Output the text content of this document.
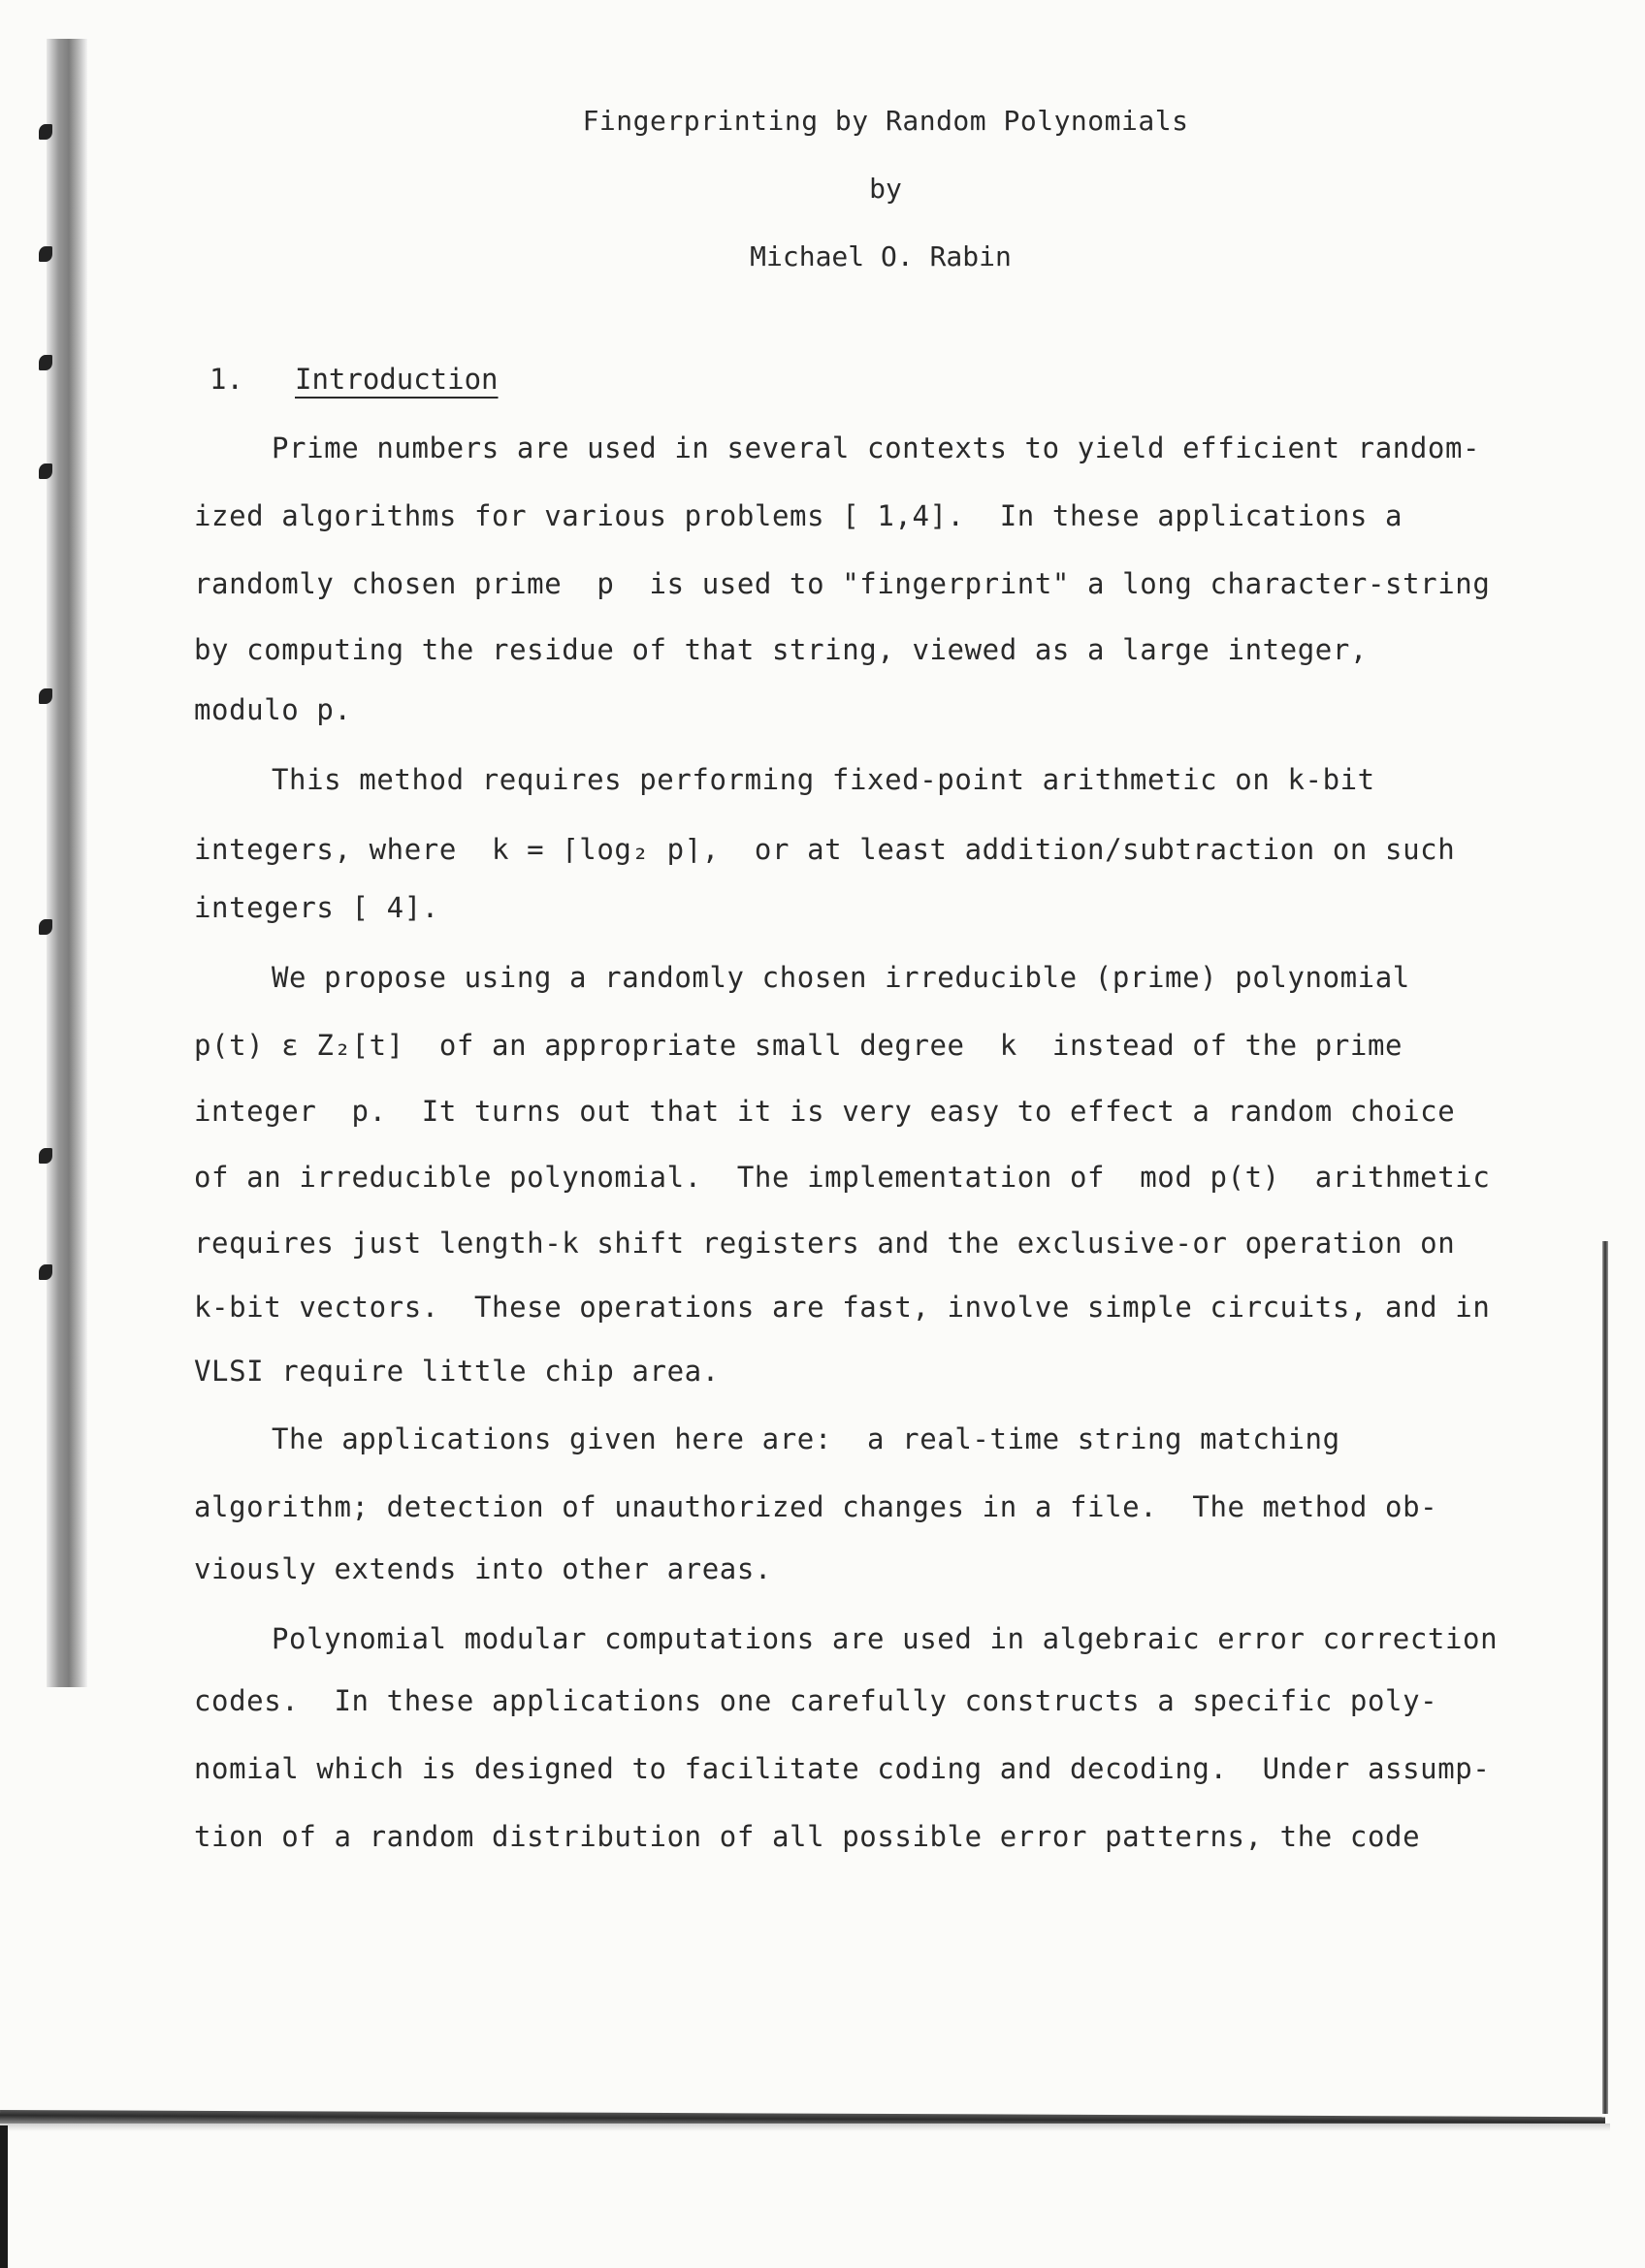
Fingerprinting by Random Polynomials
by
Michael O. Rabin
1. Introduction
Prime numbers are used in several contexts to yield efficient random-
ized algorithms for various problems [ 1,4].  In these applications a
randomly chosen prime  p  is used to "fingerprint" a long character-string
by computing the residue of that string, viewed as a large integer,
modulo p.
This method requires performing fixed-point arithmetic on k-bit
integers, where  k = ⌈log₂ p⌉,  or at least addition/subtraction on such
integers [ 4].
We propose using a randomly chosen irreducible (prime) polynomial
p(t) ε Z₂[t]  of an appropriate small degree  k  instead of the prime
integer  p.  It turns out that it is very easy to effect a random choice
of an irreducible polynomial.  The implementation of  mod p(t)  arithmetic
requires just length-k shift registers and the exclusive-or operation on
k-bit vectors.  These operations are fast, involve simple circuits, and in
VLSI require little chip area.
The applications given here are:  a real-time string matching
algorithm; detection of unauthorized changes in a file.  The method ob-
viously extends into other areas.
Polynomial modular computations are used in algebraic error correction
codes.  In these applications one carefully constructs a specific poly-
nomial which is designed to facilitate coding and decoding.  Under assump-
tion of a random distribution of all possible error patterns, the code
